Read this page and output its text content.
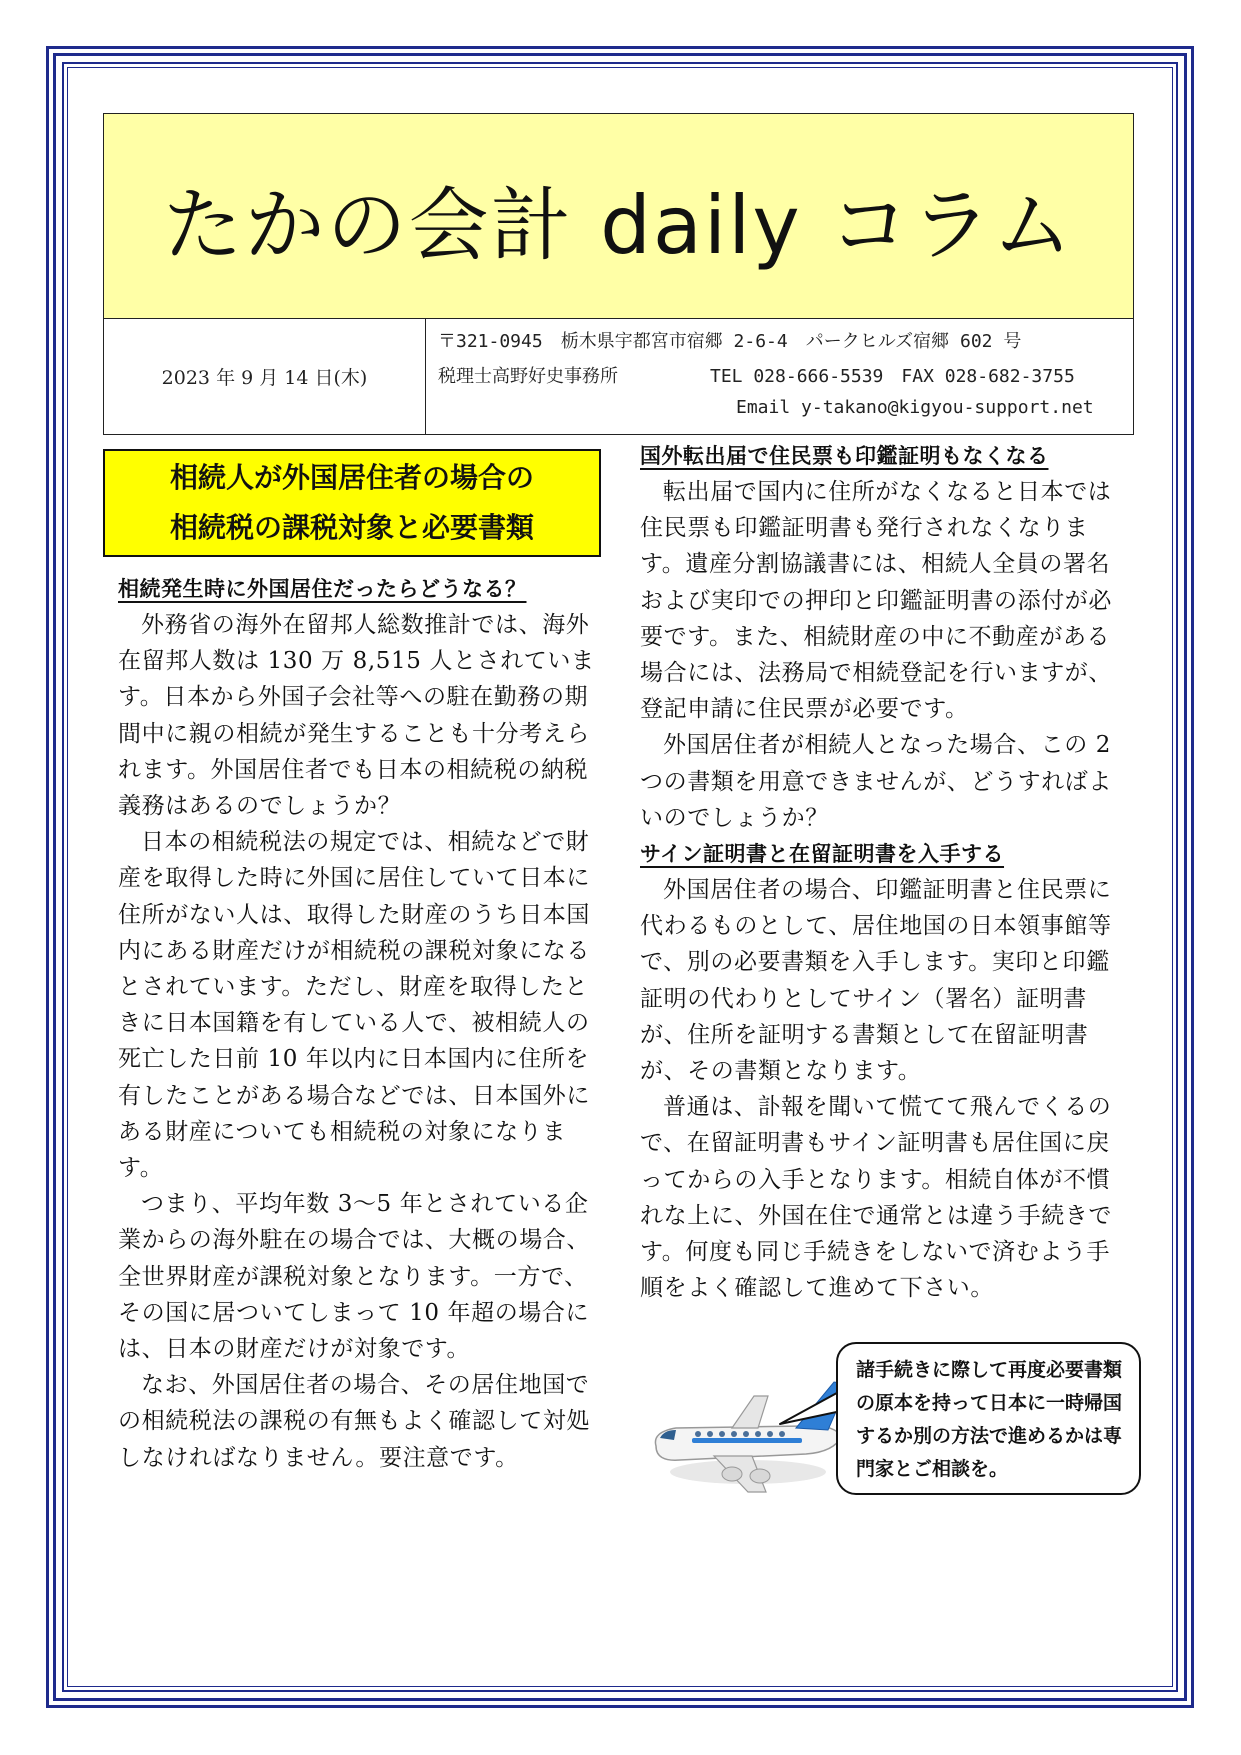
たかの会計 daily コラム
2023 年 9 月 14 日(木)
〒321-0945　栃木県宇都宮市宿郷 2-6-4　パークヒルズ宿郷 602 号
税理士高野好史事務所	TEL 028-666-5539　FAX 028-682-3755
Email y-takano@kigyou-support.net
相続人が外国居住者の場合の
相続税の課税対象と必要書類
相続発生時に外国居住だったらどうなる？

外務省の海外在留邦人総数推計では、海外在留邦人数は 130 万 8,515 人とされています。日本から外国子会社等への駐在勤務の期間中に親の相続が発生することも十分考えられます。外国居住者でも日本の相続税の納税義務はあるのでしょうか？

日本の相続税法の規定では、相続などで財産を取得した時に外国に居住していて日本に住所がない人は、取得した財産のうち日本国内にある財産だけが相続税の課税対象になるとされています。ただし、財産を取得したときに日本国籍を有している人で、被相続人の死亡した日前 10 年以内に日本国内に住所を有したことがある場合などでは、日本国外にある財産についても相続税の対象になります。

つまり、平均年数 3〜5 年とされている企業からの海外駐在の場合では、大概の場合、全世界財産が課税対象となります。一方で、その国に居ついてしまって 10 年超の場合には、日本の財産だけが対象です。

なお、外国居住者の場合、その居住地国での相続税法の課税の有無もよく確認して対処しなければなりません。要注意です。

国外転出届で住民票も印鑑証明もなくなる

転出届で国内に住所がなくなると日本では住民票も印鑑証明書も発行されなくなります。遺産分割協議書には、相続人全員の署名および実印での押印と印鑑証明書の添付が必要です。また、相続財産の中に不動産がある場合には、法務局で相続登記を行いますが、登記申請に住民票が必要です。

外国居住者が相続人となった場合、この 2 つの書類を用意できませんが、どうすればよいのでしょうか？

サイン証明書と在留証明書を入手する

外国居住者の場合、印鑑証明書と住民票に代わるものとして、居住地国の日本領事館等で、別の必要書類を入手します。実印と印鑑証明の代わりとしてサイン（署名）証明書が、住所を証明する書類として在留証明書が、その書類となります。

普通は、訃報を聞いて慌てて飛んでくるので、在留証明書もサイン証明書も居住国に戻ってからの入手となります。相続自体が不慣れな上に、外国在住で通常とは違う手続きです。何度も同じ手続きをしないで済むよう手順をよく確認して進めて下さい。

諸手続きに際して再度必要書類の原本を持って日本に一時帰国するか別の方法で進めるかは専門家とご相談を。
